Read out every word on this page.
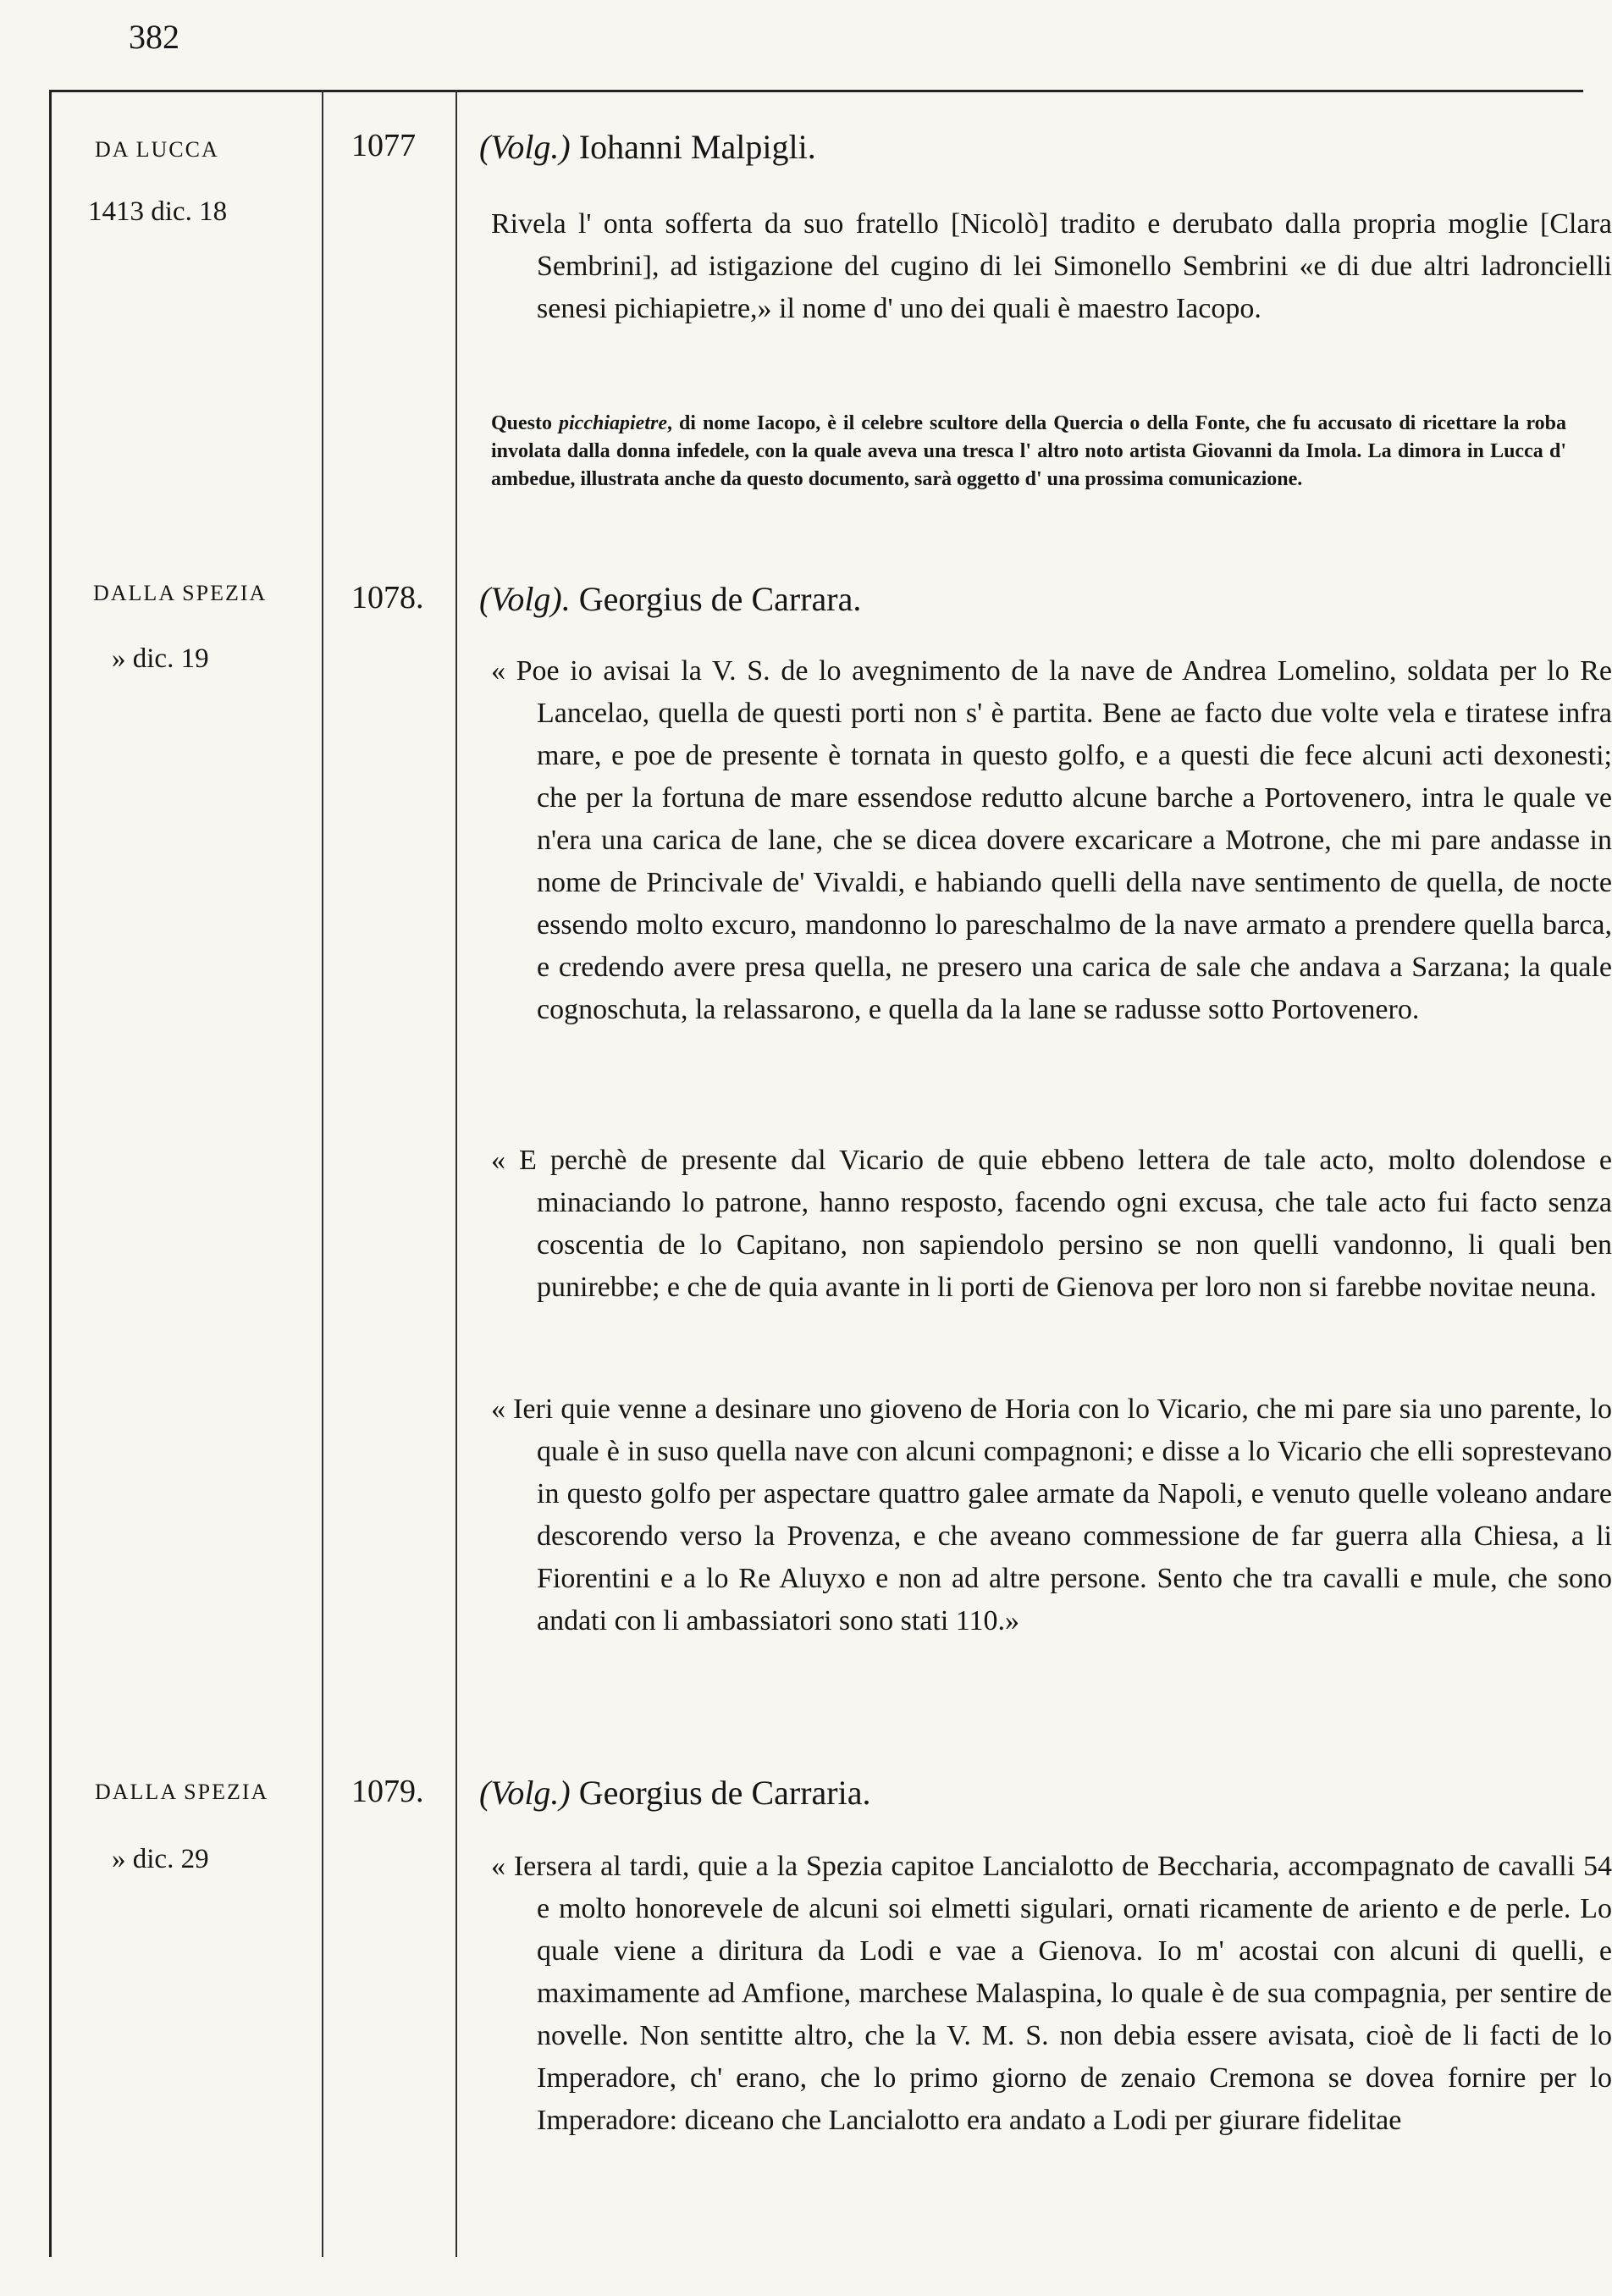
382
DA LUCCA
1413 dic. 18
1077 (Volg.) Iohanni Malpigli.

Rivela l' onta sofferta da suo fratello [Nicolò] tradito e derubato dalla propria moglie [Clara Sembrini], ad istigazione del cugino di lei Simonello Sembrini «e di due altri ladroncielli senesi pichiapietre,» il nome d' uno dei quali è maestro Iacopo.

Questo picchiapietre, di nome Iacopo, è il celebre scultore della Quercia o della Fonte, che fu accusato di ricettare la roba involata dalla donna infedele, con la quale aveva una tresca l' altro noto artista Giovanni da Imola. La dimora in Lucca d' ambedue, illustrata anche da questo documento, sarà oggetto d' una prossima comunicazione.

DALLA SPEZIA
» dic. 19
1078. (Volg). Georgius de Carrara.

« Poe io avisai la V. S. de lo avegnimento de la nave de Andrea Lomelino, soldata per lo Re Lancelao, quella de questi porti non s' è partita. Bene ae facto due volte vela e tiratese infra mare, e poe de presente è tornata in questo golfo, e a questi die fece alcuni acti dexonesti; che per la fortuna de mare essendose redutto alcune barche a Portovenero, intra le quale ve n'era una carica de lane, che se dicea dovere excaricare a Motrone, che mi pare andasse in nome de Princivale de' Vivaldi, e habiando quelli della nave sentimento de quella, de nocte essendo molto excuro, mandonno lo pareschalmo de la nave armato a prendere quella barca, e credendo avere presa quella, ne presero una carica de sale che andava a Sarzana; la quale cognoschuta, la relassarono, e quella da la lane se radusse sotto Portovenero.

« E perchè de presente dal Vicario de quie ebbeno lettera de tale acto, molto dolendose e minaciando lo patrone, hanno resposto, facendo ogni excusa, che tale acto fui facto senza coscentia de lo Capitano, non sapiendolo persino se non quelli vandonno, li quali ben punirebbe; e che de quia avante in li porti de Gienova per loro non si farebbe novitae neuna.

« Ieri quie venne a desinare uno gioveno de Horia con lo Vicario, che mi pare sia uno parente, lo quale è in suso quella nave con alcuni compagnoni; e disse a lo Vicario che elli soprestevano in questo golfo per aspectare quattro galee armate da Napoli, e venuto quelle voleano andare descorendo verso la Provenza, e che aveano commessione de far guerra alla Chiesa, a li Fiorentini e a lo Re Aluyxo e non ad altre persone. Sento che tra cavalli e mule, che sono andati con li ambassiatori sono stati 110.»

DALLA SPEZIA
» dic. 29
1079. (Volg.) Georgius de Carraria.

« Iersera al tardi, quie a la Spezia capitoe Lancialotto de Beccharia, accompagnato de cavalli 54 e molto honorevele de alcuni soi elmetti sigulari, ornati ricamente de ariento e de perle. Lo quale viene a diritura da Lodi e vae a Gienova. Io m' acostai con alcuni di quelli, e maximamente ad Amfione, marchese Malaspina, lo quale è de sua compagnia, per sentire de novelle. Non sentitte altro, che la V. M. S. non debia essere avisata, cioè de li facti de lo Imperadore, ch' erano, che lo primo giorno de zenaio Cremona se dovea fornire per lo Imperadore: diceano che Lancialotto era andato a Lodi per giurare fidelitae
